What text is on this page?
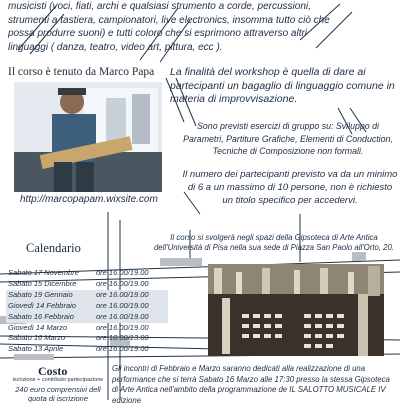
musicisti (voci, fiati, archi e qualsiasi strumento a corde, percussioni, strumenti a tastiera, campionatori, live electronics, insomma tutto ciò che possa produrre suoni) e tutti coloro che si esprimono attraverso altri linguaggi ( danza, teatro, video art, pittura, ecc ).
Il corso è tenuto da Marco Papa
http://marcopapam.wixsite.com
La finalità del workshop è quella di dare ai partecipanti un bagaglio di linguaggio comune in materia di improvvisazione.
Sono previsti esercizi di gruppo su: Sviluppo di Parametri, Partiture Grafiche, Elementi di Conduction, Tecniche di Composizione non formali.
Il numero dei partecipanti previsto va da un minimo di 6 a un massimo di 10 persone, non è richiesto un titolo specifico per accedervi.
Calendario
Il corso si svolgerà negli spazi della Gipsoteca di Arte Antica dell'Università di Pisa nella sua sede di Piazza San Paolo all'Orto, 20.
Sabato 17 Novembre	ore 16.00/19.00
Sabato 15 Dicembre	ore 16.00/19.00
Sabato 19 Gennaio	ore 16.00/19.00
Giovedì 14 Febbraio	ore 16.00/19.00
Sabato 16 Febbraio	ore 16.00/19.00
Giovedì 14 Marzo	ore 16.00/19.00
Sabato 16 Marzo	ore 10.00/13.00
Sabato 13 Aprile	ore 16.00/19.00
Costo
iscrizione + contributo partecipazione
240 euro comprensivi dell quota di iscrizione
Gli incontri di Febbraio e Marzo saranno dedicati alla realizzazione di una performance che si terrà Sabato 16 Marzo alle 17:30 presso la stessa Gipsoteca di Arte Antica nell'ambito della programmazione de IL SALOTTO MUSICALE IV edizione
